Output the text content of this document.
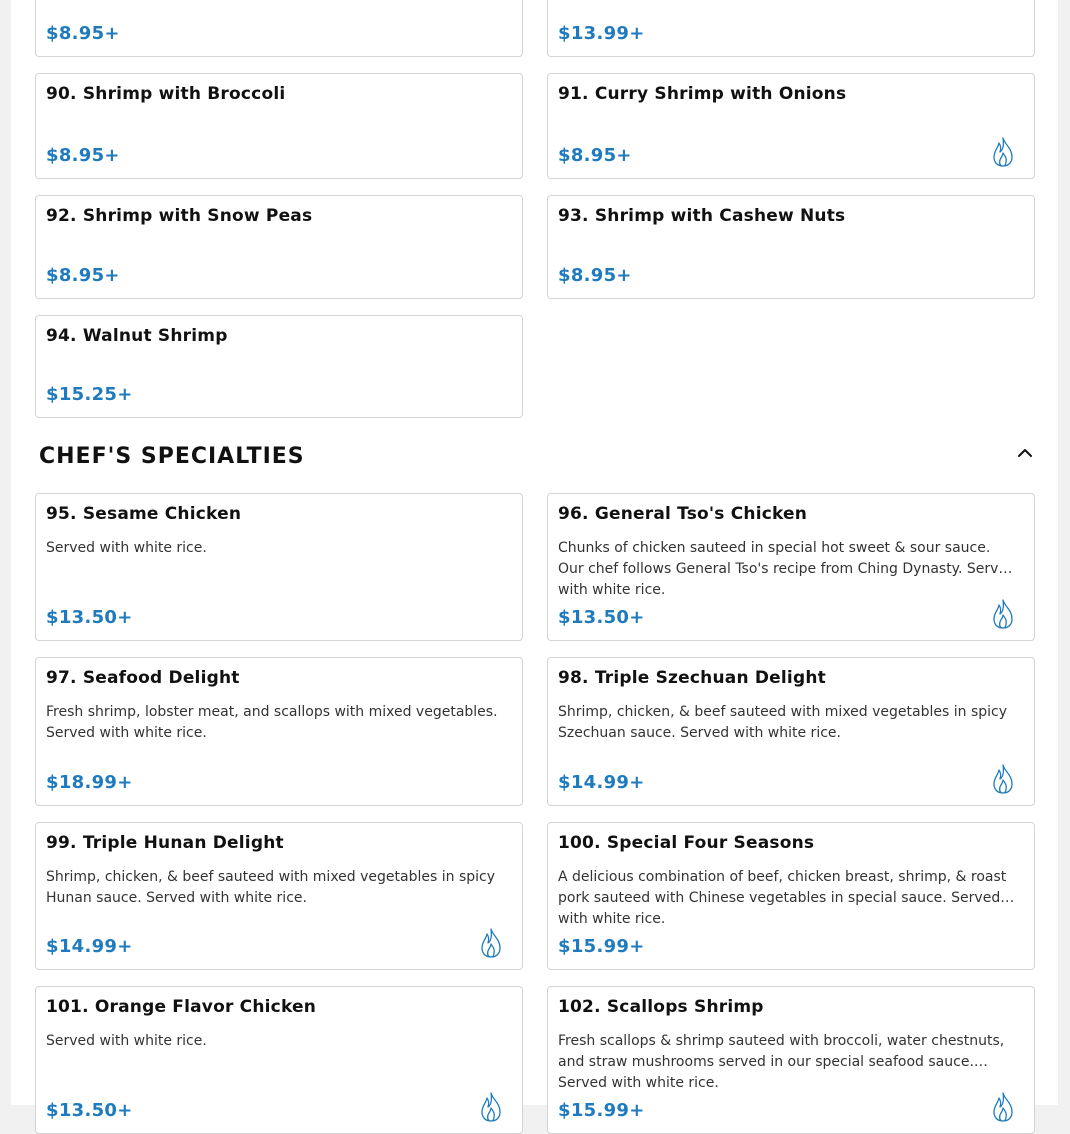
$8.95+	$13.99+
90. Shrimp with Broccoli
$8.95+
91. Curry Shrimp with Onions
$8.95+
92. Shrimp with Snow Peas
$8.95+
93. Shrimp with Cashew Nuts
$8.95+
94. Walnut Shrimp
$15.25+
CHEF'S SPECIALTIES
95. Sesame Chicken
Served with white rice.
$13.50+
96. General Tso's Chicken
Chunks of chicken sauteed in special hot sweet & sour sauce. Our chef follows General Tso's recipe from Ching Dynasty. Served with white rice.
$13.50+
97. Seafood Delight
Fresh shrimp, lobster meat, and scallops with mixed vegetables. Served with white rice.
$18.99+
98. Triple Szechuan Delight
Shrimp, chicken, & beef sauteed with mixed vegetables in spicy Szechuan sauce. Served with white rice.
$14.99+
99. Triple Hunan Delight
Shrimp, chicken, & beef sauteed with mixed vegetables in spicy Hunan sauce. Served with white rice.
$14.99+
100. Special Four Seasons
A delicious combination of beef, chicken breast, shrimp, & roast pork sauteed with Chinese vegetables in special sauce. Served with white rice.
$15.99+
101. Orange Flavor Chicken
Served with white rice.
$13.50+
102. Scallops Shrimp
Fresh scallops & shrimp sauteed with broccoli, water chestnuts, and straw mushrooms served in our special seafood sauce. Served with white rice.
$15.99+
